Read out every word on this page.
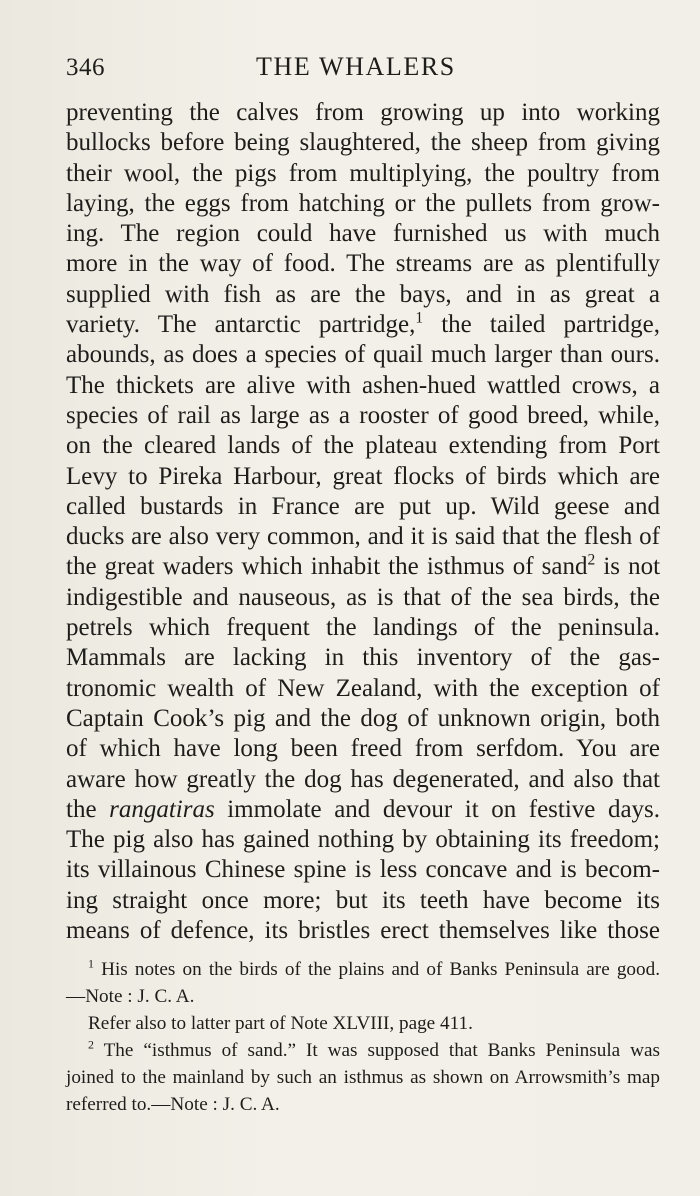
346	THE WHALERS
preventing the calves from growing up into working
bullocks before being slaughtered, the sheep from giving
their wool, the pigs from multiplying, the poultry from
laying, the eggs from hatching or the pullets from grow-
ing. The region could have furnished us with much
more in the way of food. The streams are as plentifully
supplied with fish as are the bays, and in as great a
variety. The antarctic partridge,$^1$ the tailed partridge,
abounds, as does a species of quail much larger than ours.
The thickets are alive with ashen-hued wattled crows, a
species of rail as large as a rooster of good breed, while,
on the cleared lands of the plateau extending from Port
Levy to Pireka Harbour, great flocks of birds which are
called bustards in France are put up. Wild geese and
ducks are also very common, and it is said that the flesh of
the great waders which inhabit the isthmus of sand$^2$ is not
indigestible and nauseous, as is that of the sea birds, the
petrels which frequent the landings of the peninsula.
Mammals are lacking in this inventory of the gas-
tronomic wealth of New Zealand, with the exception of
Captain Cook’s pig and the dog of unknown origin, both
of which have long been freed from serfdom. You are
aware how greatly the dog has degenerated, and also that
the rangatiras immolate and devour it on festive days.
The pig also has gained nothing by obtaining its freedom;
its villainous Chinese spine is less concave and is becom-
ing straight once more; but its teeth have become its
means of defence, its bristles erect themselves like those
$^1$ His notes on the birds of the plains and of Banks Peninsula are good.
—Note : J. C. A.
Refer also to latter part of Note XLVIII, page 411.
$^2$ The “isthmus of sand.” It was supposed that Banks Peninsula was
joined to the mainland by such an isthmus as shown on Arrowsmith’s map
referred to.—Note : J. C. A.
